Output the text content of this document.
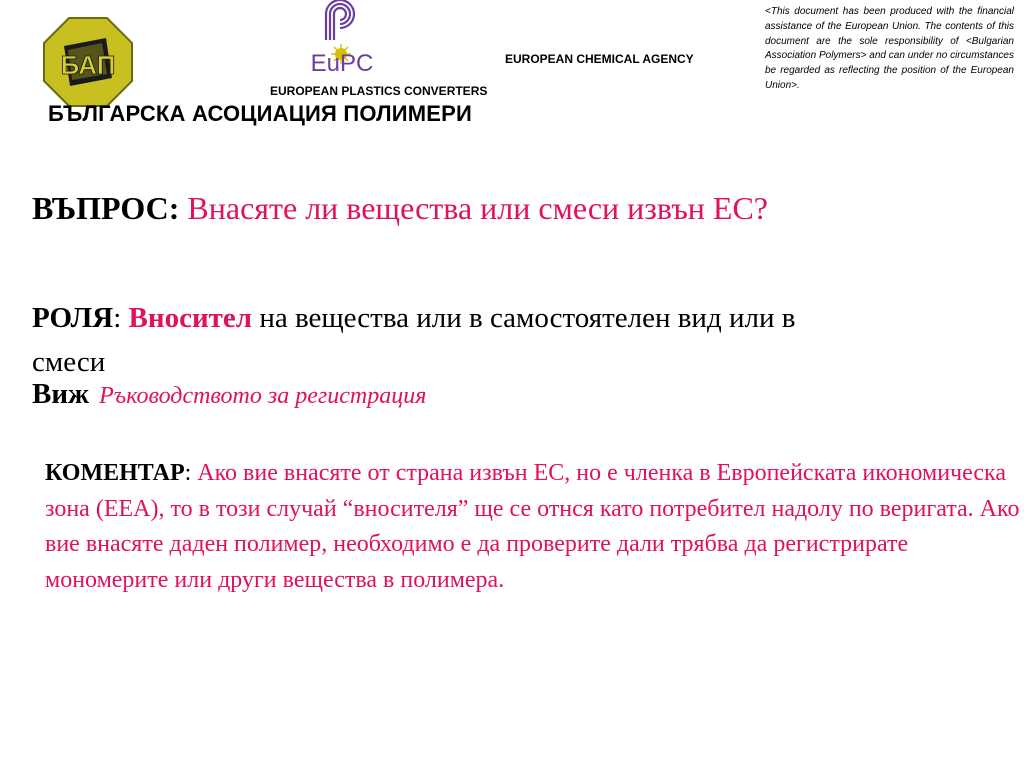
БАП	EuPC	EUROPEAN CHEMICAL AGENCY
EUROPEAN PLASTICS CONVERTERS
БЪЛГАРСКА АСОЦИАЦИЯ ПОЛИМЕРИ
<This document has been produced with the financial assistance of the European Union. The contents of this document are the sole responsibility of <Bulgarian Association Polymers> and can under no circumstances be regarded as reflecting the position of the European Union>.
ВЪПРОС: Внасяте ли вещества или смеси извън ЕС?
РОЛЯ: Вносител на вещества или в самостоятелен вид или в смеси
Виж Ръководството за регистрация
КОМЕНТАР: Ако вие внасяте от страна извън ЕС, но е членка в Европейската икономическа зона (ЕЕА), то в този случай “вносителя” ще се отнся като потребител надолу по веригата. Ако вие внасяте даден полимер, необходимо е да проверите дали трябва да регистрирате мономерите или други вещества в полимера.
